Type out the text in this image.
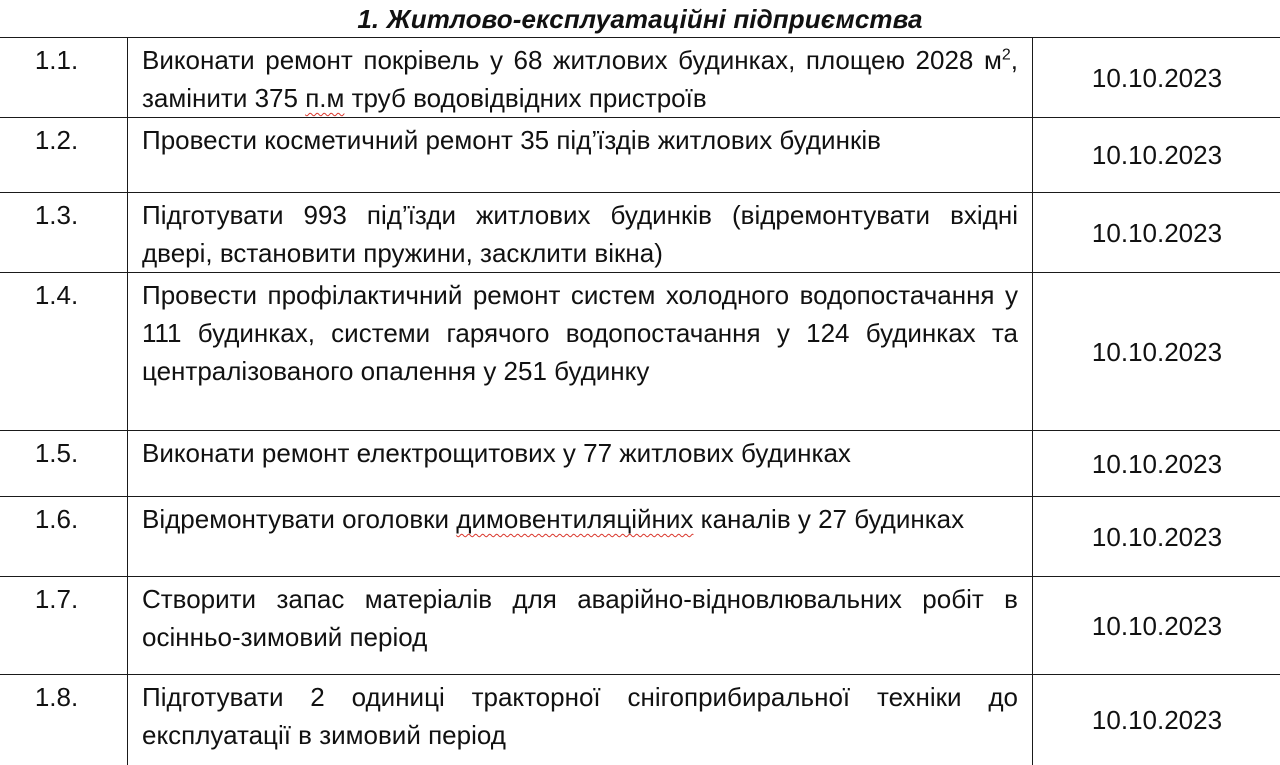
1. Житлово-експлуатаційні підприємства
1.1.	Виконати ремонт покрівель у 68 житлових будинках, площею 2028 $м^2$, замінити 375 п.м труб водовідвідних пристроїв	10.10.2023
1.2.	Провести косметичний ремонт 35 під’їздів житлових будинків	10.10.2023
1.3.	Підготувати 993 під’їзди житлових будинків (відремонтувати вхідні двері, встановити пружини, засклити вікна)	10.10.2023
1.4.	Провести профілактичний ремонт систем холодного водопостачання у 111 будинках, системи гарячого водопостачання у 124 будинках та централізованого опалення у 251 будинку	10.10.2023
1.5.	Виконати ремонт електрощитових у 77 житлових будинках	10.10.2023
1.6.	Відремонтувати оголовки димовентиляційних каналів у 27 будинках	10.10.2023
1.7.	Створити запас матеріалів для аварійно-відновлювальних робіт в осінньо-зимовий період	10.10.2023
1.8.	Підготувати 2 одиниці тракторної снігоприбиральної техніки до експлуатації в зимовий період	10.10.2023
